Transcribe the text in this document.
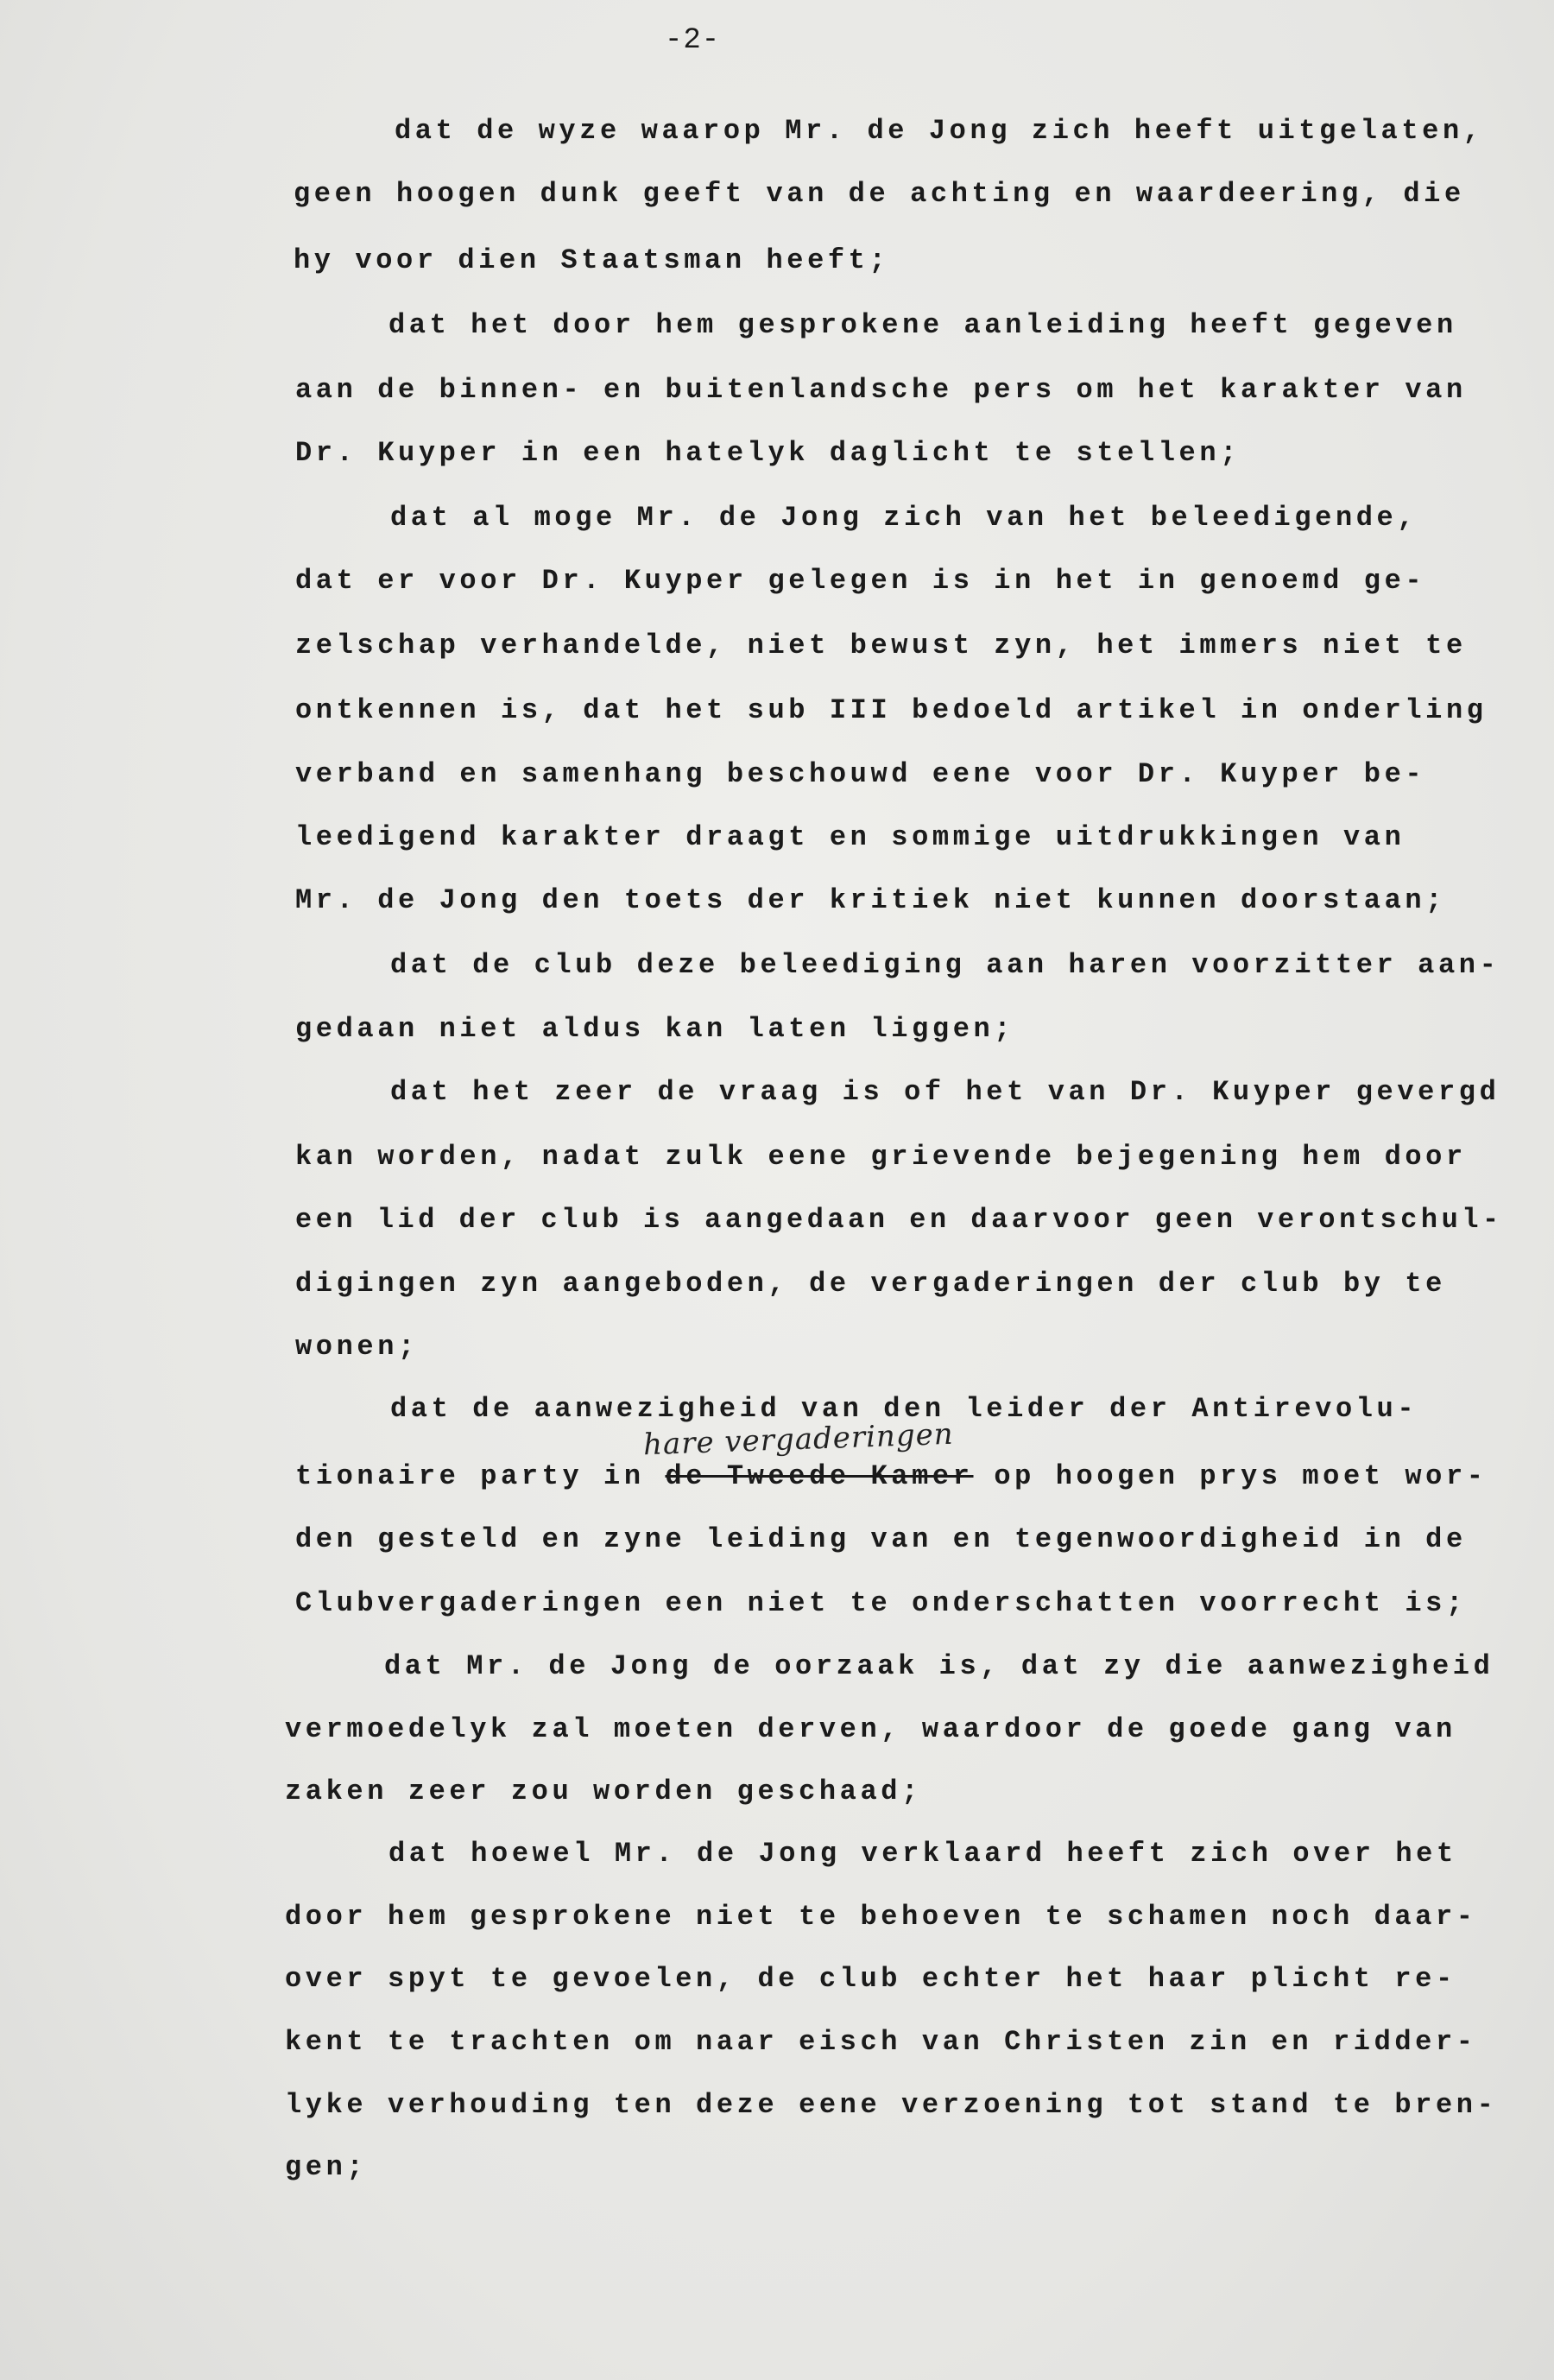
-2-
dat de wyze waarop Mr. de Jong zich heeft uitgelaten,
geen hoogen dunk geeft van de achting en waardeering, die
hy voor dien Staatsman heeft;
dat het door hem gesprokene aanleiding heeft gegeven
aan de binnen- en buitenlandsche pers om het karakter van
Dr. Kuyper in een hatelyk daglicht te stellen;
dat al moge Mr. de Jong zich van het beleedigende,
dat er voor Dr. Kuyper gelegen is in het in genoemd ge-
zelschap verhandelde, niet bewust zyn, het immers niet te
ontkennen is, dat het sub III bedoeld artikel in onderling
verband en samenhang beschouwd eene voor Dr. Kuyper be-
leedigend karakter draagt en sommige uitdrukkingen van
Mr. de Jong den toets der kritiek niet kunnen doorstaan;
dat de club deze beleediging aan haren voorzitter aan-
gedaan niet aldus kan laten liggen;
dat het zeer de vraag is of het van Dr. Kuyper gevergd
kan worden, nadat zulk eene grievende bejegening hem door
een lid der club is aangedaan en daarvoor geen verontschul-
digingen zyn aangeboden, de vergaderingen der club by te
wonen;
dat de aanwezigheid van den leider der Antirevolu-
hare vergaderingen
tionaire party in de Tweede Kamer op hoogen prys moet wor-
den gesteld en zyne leiding van en tegenwoordigheid in de
Clubvergaderingen een niet te onderschatten voorrecht is;
dat Mr. de Jong de oorzaak is, dat zy die aanwezigheid
vermoedelyk zal moeten derven, waardoor de goede gang van
zaken zeer zou worden geschaad;
dat hoewel Mr. de Jong verklaard heeft zich over het
door hem gesprokene niet te behoeven te schamen noch daar-
over spyt te gevoelen, de club echter het haar plicht re-
kent te trachten om naar eisch van Christen zin en ridder-
lyke verhouding ten deze eene verzoening tot stand te bren-
gen;
